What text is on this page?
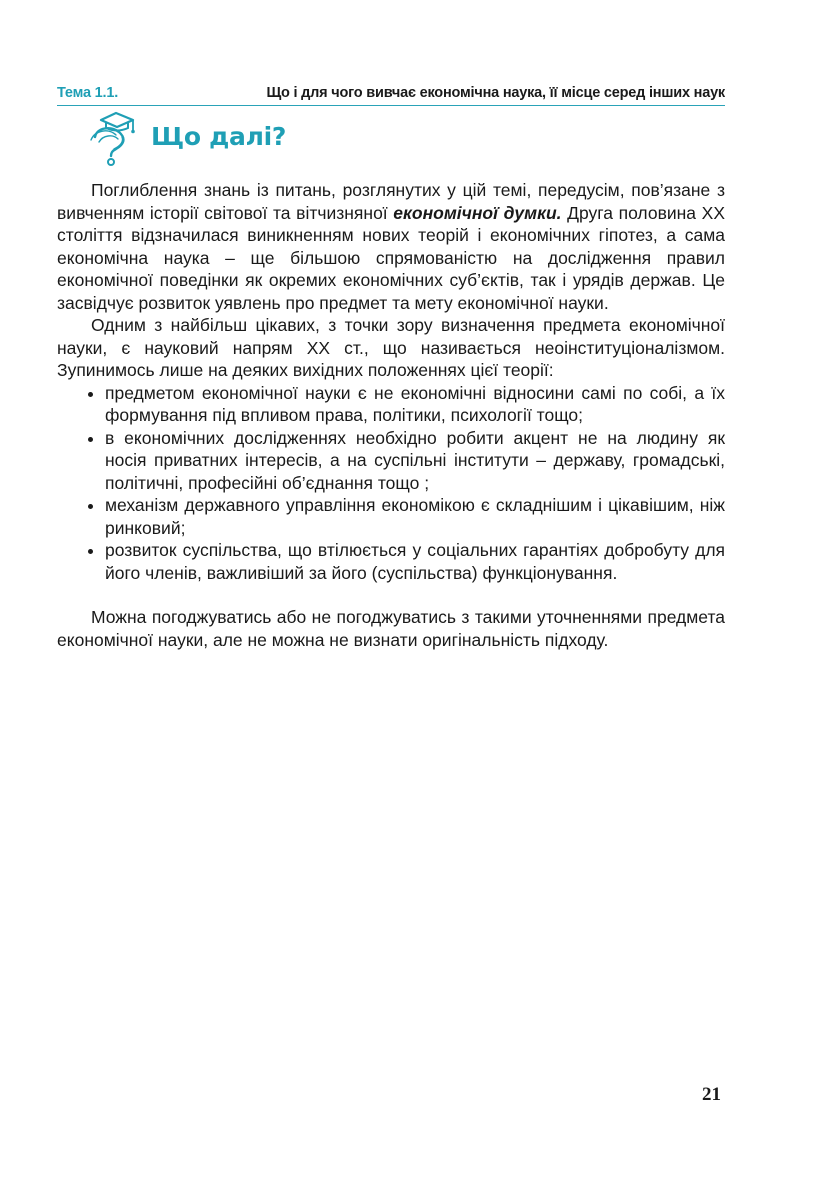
Тема 1.1.	Що і для чого вивчає економічна наука, її місце серед інших наук
Що далі?

Поглиблення знань із питань, розглянутих у цій темі, передусім, пов’язане з вивченням історії світової та вітчизняної економічної думки. Друга половина ХХ століття відзначилася виникненням нових теорій і економічних гіпотез, а сама економічна наука – ще більшою спрямованістю на дослідження правил економічної поведінки як окремих економічних суб’єктів, так і урядів держав. Це засвідчує розвиток уявлень про предмет та мету економічної науки.

Одним з найбільш цікавих, з точки зору визначення предмета економічної науки, є науковий напрям ХХ ст., що називається неоінституціоналізмом. Зупинимось лише на деяких вихідних положеннях цієї теорії:

предметом економічної науки є не економічні відносини самі по собі, а їх формування під впливом права, політики, психології тощо;
в економічних дослідженнях необхідно робити акцент не на людину як носія приватних інтересів, а на суспільні інститути – державу, громадські, політичні, професійні об’єднання тощо ;
механізм державного управління економікою є складнішим і цікавішим, ніж ринковий;
розвиток суспільства, що втілюється у соціальних гарантіях добробуту для його членів, важливіший за його (суспільства) функціонування.

Можна погоджуватись або не погоджуватись з такими уточненнями предмета економічної науки, але не можна не визнати оригінальність підходу.

21
